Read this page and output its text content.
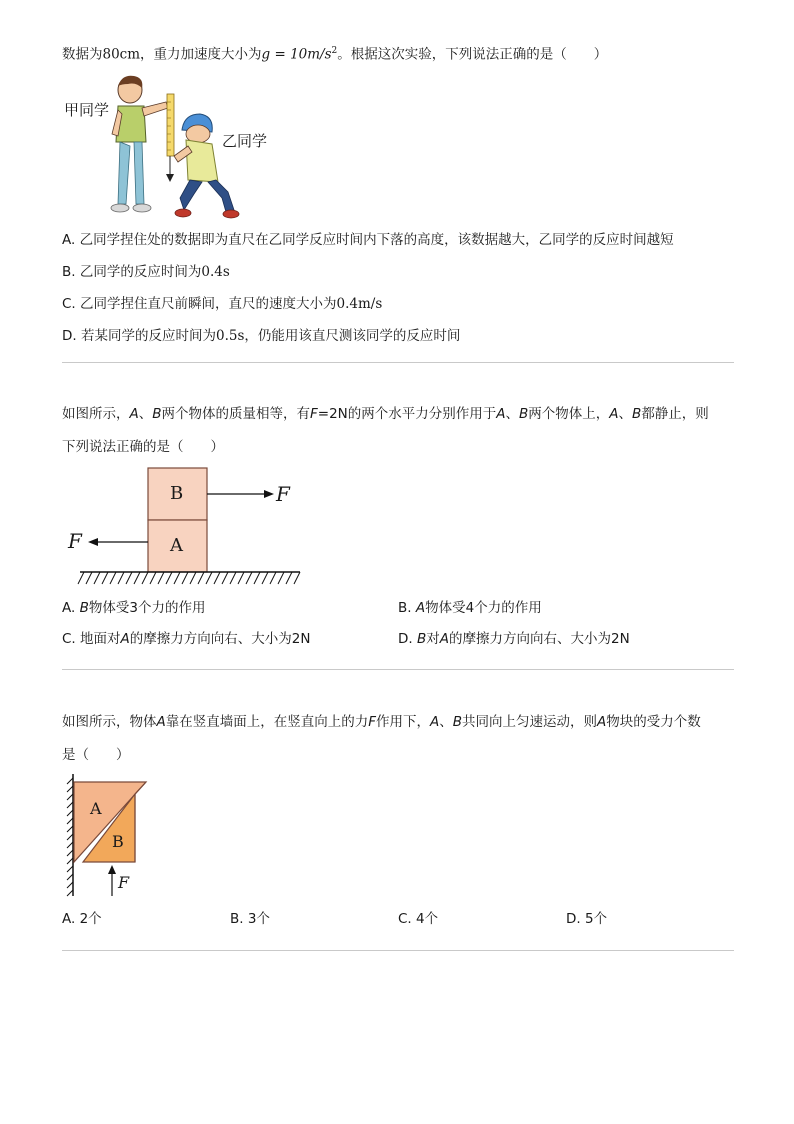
数据为80cm，重力加速度大小为$g = 10m/s^2$。根据这次实验，下列说法正确的是（　　）
甲同学
乙同学
A. 乙同学捏住处的数据即为直尺在乙同学反应时间内下落的高度，该数据越大，乙同学的反应时间越短
B. 乙同学的反应时间为0.4s
C. 乙同学捏住直尺前瞬间，直尺的速度大小为0.4m/s
D. 若某同学的反应时间为0.5s，仍能用该直尺测该同学的反应时间
如图所示，A、B两个物体的质量相等，有F=2N的两个水平力分别作用于A、B两个物体上，A、B都静止，则
下列说法正确的是（　　）
B
A
F
F
A. B物体受3个力的作用	B. A物体受4个力的作用
C. 地面对A的摩擦力方向向右、大小为2N	D. B对A的摩擦力方向向右、大小为2N
如图所示，物体A靠在竖直墙面上，在竖直向上的力F作用下，A、B共同向上匀速运动，则A物块的受力个数
是（　　）
A
B
F
A. 2个	B. 3个	C. 4个	D. 5个
